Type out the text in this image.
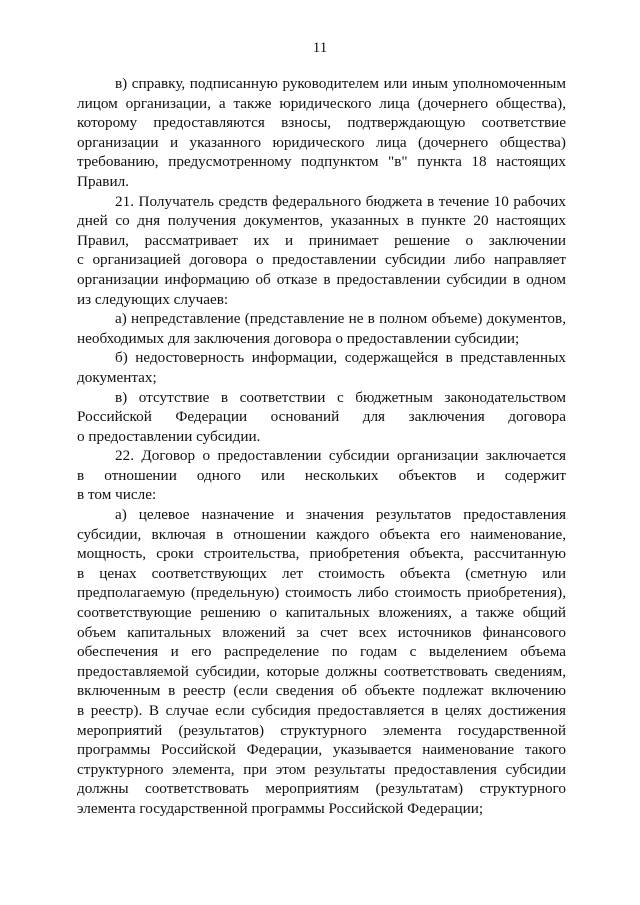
11
в) справку, подписанную руководителем или иным уполномоченным
лицом организации, а также юридического лица (дочернего общества),
которому предоставляются взносы, подтверждающую соответствие
организации и указанного юридического лица (дочернего общества)
требованию, предусмотренному подпунктом "в" пункта 18 настоящих
Правил.
21. Получатель средств федерального бюджета в течение 10 рабочих
дней со дня получения документов, указанных в пункте 20 настоящих
Правил, рассматривает их и принимает решение о заключении
с организацией договора о предоставлении субсидии либо направляет
организации информацию об отказе в предоставлении субсидии в одном
из следующих случаев:
а) непредставление (представление не в полном объеме) документов,
необходимых для заключения договора о предоставлении субсидии;
б) недостоверность информации, содержащейся в представленных
документах;
в) отсутствие в соответствии с бюджетным законодательством
Российской Федерации оснований для заключения договора
о предоставлении субсидии.
22. Договор о предоставлении субсидии организации заключается
в отношении одного или нескольких объектов и содержит
в том числе:
а) целевое назначение и значения результатов предоставления
субсидии, включая в отношении каждого объекта его наименование,
мощность, сроки строительства, приобретения объекта, рассчитанную
в ценах соответствующих лет стоимость объекта (сметную или
предполагаемую (предельную) стоимость либо стоимость приобретения),
соответствующие решению о капитальных вложениях, а также общий
объем капитальных вложений за счет всех источников финансового
обеспечения и его распределение по годам с выделением объема
предоставляемой субсидии, которые должны соответствовать сведениям,
включенным в реестр (если сведения об объекте подлежат включению
в реестр). В случае если субсидия предоставляется в целях достижения
мероприятий (результатов) структурного элемента государственной
программы Российской Федерации, указывается наименование такого
структурного элемента, при этом результаты предоставления субсидии
должны соответствовать мероприятиям (результатам) структурного
элемента государственной программы Российской Федерации;
